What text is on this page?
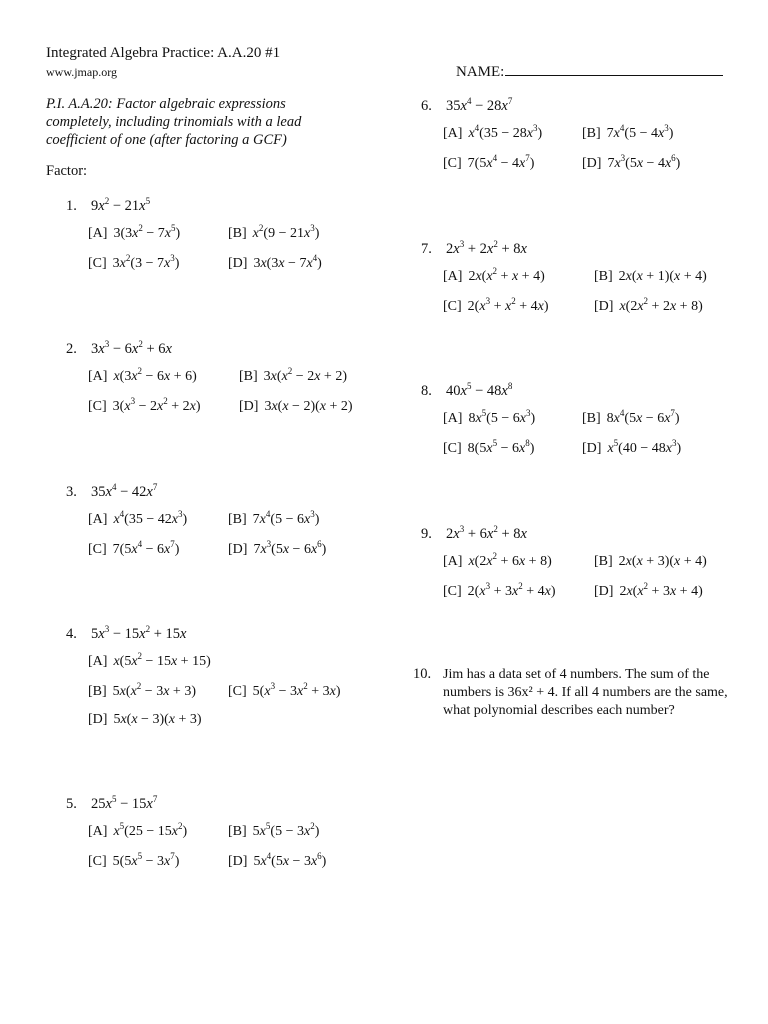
Integrated Algebra Practice: A.A.20 #1
www.jmap.org	NAME:
P.I. A.A.20: Factor algebraic expressions completely, including trinomials with a lead coefficient of one (after factoring a GCF)
Factor:
10. Jim has a data set of 4 numbers. The sum of the numbers is 36x² + 4. If all 4 numbers are the same, what polynomial describes each number?
1. $9x^2 - 21x^5$
[A] $3(3x^2 - 7x^5)$	[B] $x^2(9 - 21x^3)$
[C] $3x^2(3 - 7x^3)$	[D] $3x(3x - 7x^4)$
2. $3x^3 - 6x^2 + 6x$
[A] $x(3x^2 - 6x + 6)$	[B] $3x(x^2 - 2x + 2)$
[C] $3(x^3 - 2x^2 + 2x)$	[D] 3x(x − 2)(x + 2)
3. $35x^4 - 42x^7$
[A] $x^4(35 - 42x^3)$	[B] $7x^4(5 - 6x^3)$
[C] $7(5x^4 - 6x^7)$	[D] $7x^3(5x - 6x^6)$
4. $5x^3 - 15x^2 + 15x$
[A] $x(5x^2 - 15x + 15)$
[B] $5x(x^2 - 3x + 3)$ [C] $5(x^3 - 3x^2 + 3x)$
[D] 5x(x − 3)(x + 3)
5. $25x^5 - 15x^7$
[A] $x^5(25 - 15x^2)$	[B] $5x^5(5 - 3x^2)$
[C] $5(5x^5 - 3x^7)$	[D] $5x^4(5x - 3x^6)$
6. $35x^4 - 28x^7$
[A] $x^4(35 - 28x^3)$	[B] $7x^4(5 - 4x^3)$
[C] $7(5x^4 - 4x^7)$	[D] $7x^3(5x - 4x^6)$
7. $2x^3 + 2x^2 + 8x$
[A] $2x(x^2 + x + 4)$	[B] 2x(x + 1)(x + 4)
[C] $2(x^3 + x^2 + 4x)$	[D] $x(2x^2 + 2x + 8)$
8. $40x^5 - 48x^8$
[A] $8x^5(5 - 6x^3)$	[B] $8x^4(5x - 6x^7)$
[C] $8(5x^5 - 6x^8)$	[D] $x^5(40 - 48x^3)$
9. $2x^3 + 6x^2 + 8x$
[A] $x(2x^2 + 6x + 8)$	[B] 2x(x + 3)(x + 4)
[C] $2(x^3 + 3x^2 + 4x)$	[D] $2x(x^2 + 3x + 4)$
